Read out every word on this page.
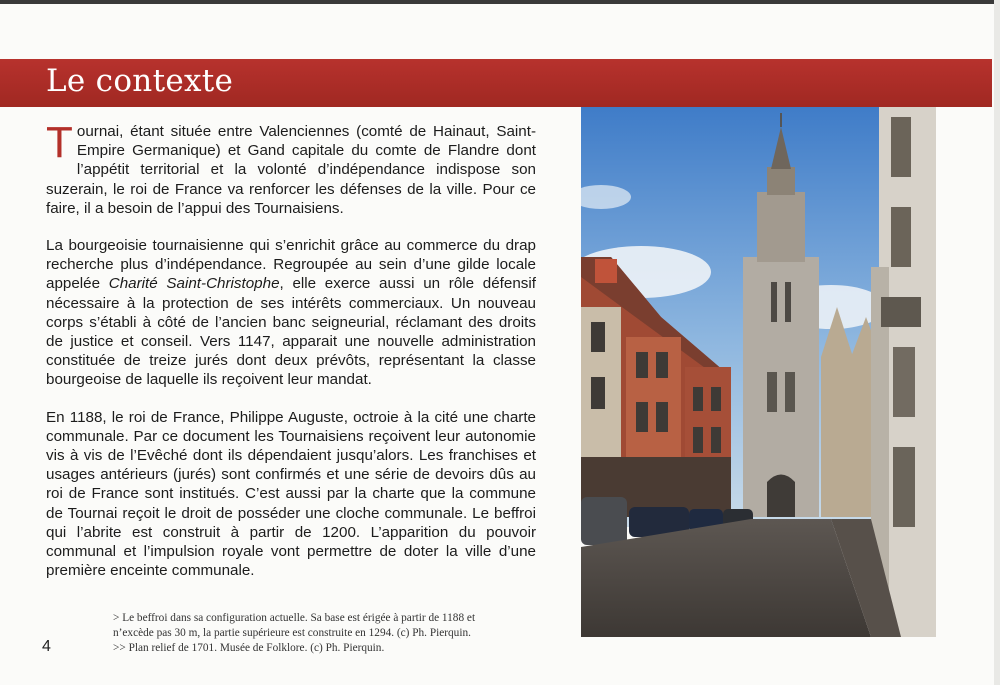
Le contexte

Tournai, étant située entre Valenciennes (comté de Hainaut, Saint-Empire Germanique) et Gand capitale du comte de Flandre dont l’appétit territorial et la volonté d’indépendance indispose son suzerain, le roi de France va renforcer les défenses de la ville. Pour ce faire, il a besoin de l’appui des Tournaisiens.

La bourgeoisie tournaisienne qui s’enrichit grâce au commerce du drap recherche plus d’indépendance. Regroupée au sein d’une gilde locale appelée Charité Saint-Christophe, elle exerce aussi un rôle défensif nécessaire à la protection de ses intérêts commerciaux. Un nouveau corps s’établi à côté de l’ancien banc seigneurial, réclamant des droits de justice et conseil. Vers 1147, apparait une nouvelle administration constituée de treize jurés dont deux prévôts, représentant la classe bourgeoise de laquelle ils reçoivent leur mandat.

En 1188, le roi de France, Philippe Auguste, octroie à la cité une charte communale. Par ce document les Tournaisiens reçoivent leur autonomie vis à vis de l’Evêché dont ils dépendaient jusqu’alors. Les franchises et usages antérieurs (jurés) sont confirmés et une série de devoirs dûs au roi de France sont institués. C’est aussi par la charte que la commune de Tournai reçoit le droit de posséder une cloche communale. Le beffroi qui l’abrite est construit à partir de 1200. L’apparition du pouvoir communal et l’impulsion royale vont permettre de doter la ville d’une première enceinte communale.

> Le beffroi dans sa configuration actuelle. Sa base est érigée à partir de 1188 et
n’excède pas 30 m, la partie supérieure est construite en 1294. (c) Ph. Pierquin.
>> Plan relief de 1701. Musée de Folklore. (c) Ph. Pierquin.
4
